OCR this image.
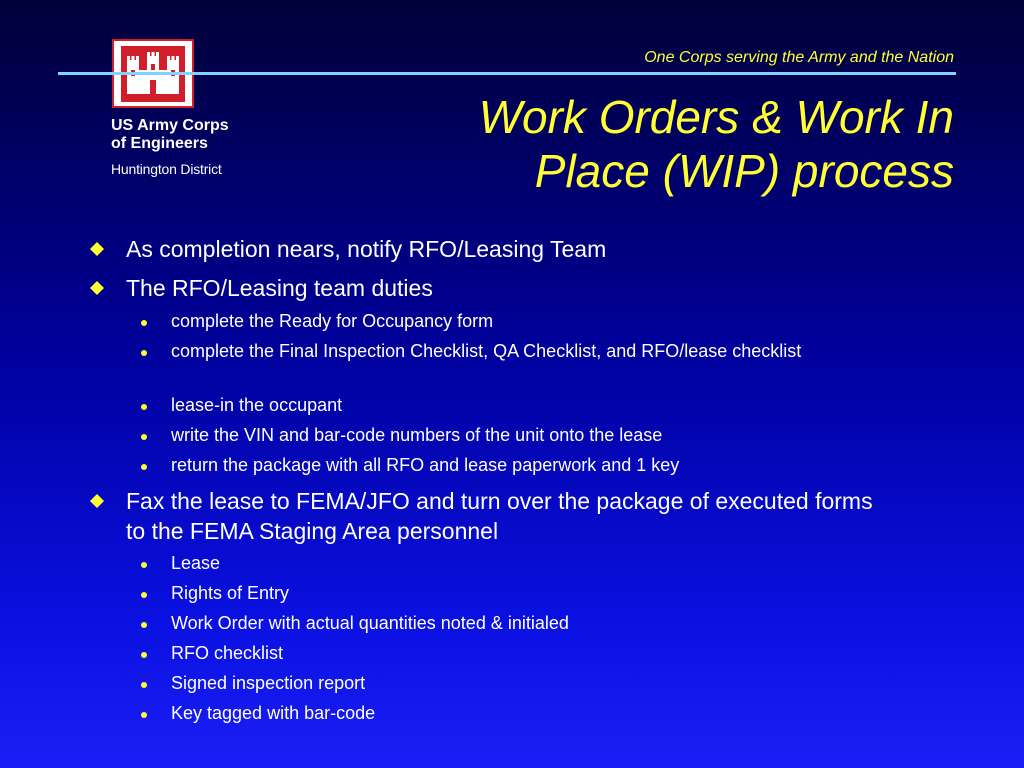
US Army Corps
of Engineers
Huntington District
One Corps serving the Army and the Nation
Work Orders & Work In
Place (WIP) process
As completion nears, notify RFO/Leasing Team
The RFO/Leasing team duties
complete the Ready for Occupancy form
complete the Final Inspection Checklist, QA Checklist, and RFO/lease checklist
lease-in the occupant
write the VIN and bar-code numbers of the unit onto the lease
return the package with all RFO and lease paperwork and 1 key
Fax the lease to FEMA/JFO and turn over the package of executed forms to the FEMA Staging Area personnel
Lease
Rights of Entry
Work Order with actual quantities noted & initialed
RFO checklist
Signed inspection report
Key tagged with bar-code
